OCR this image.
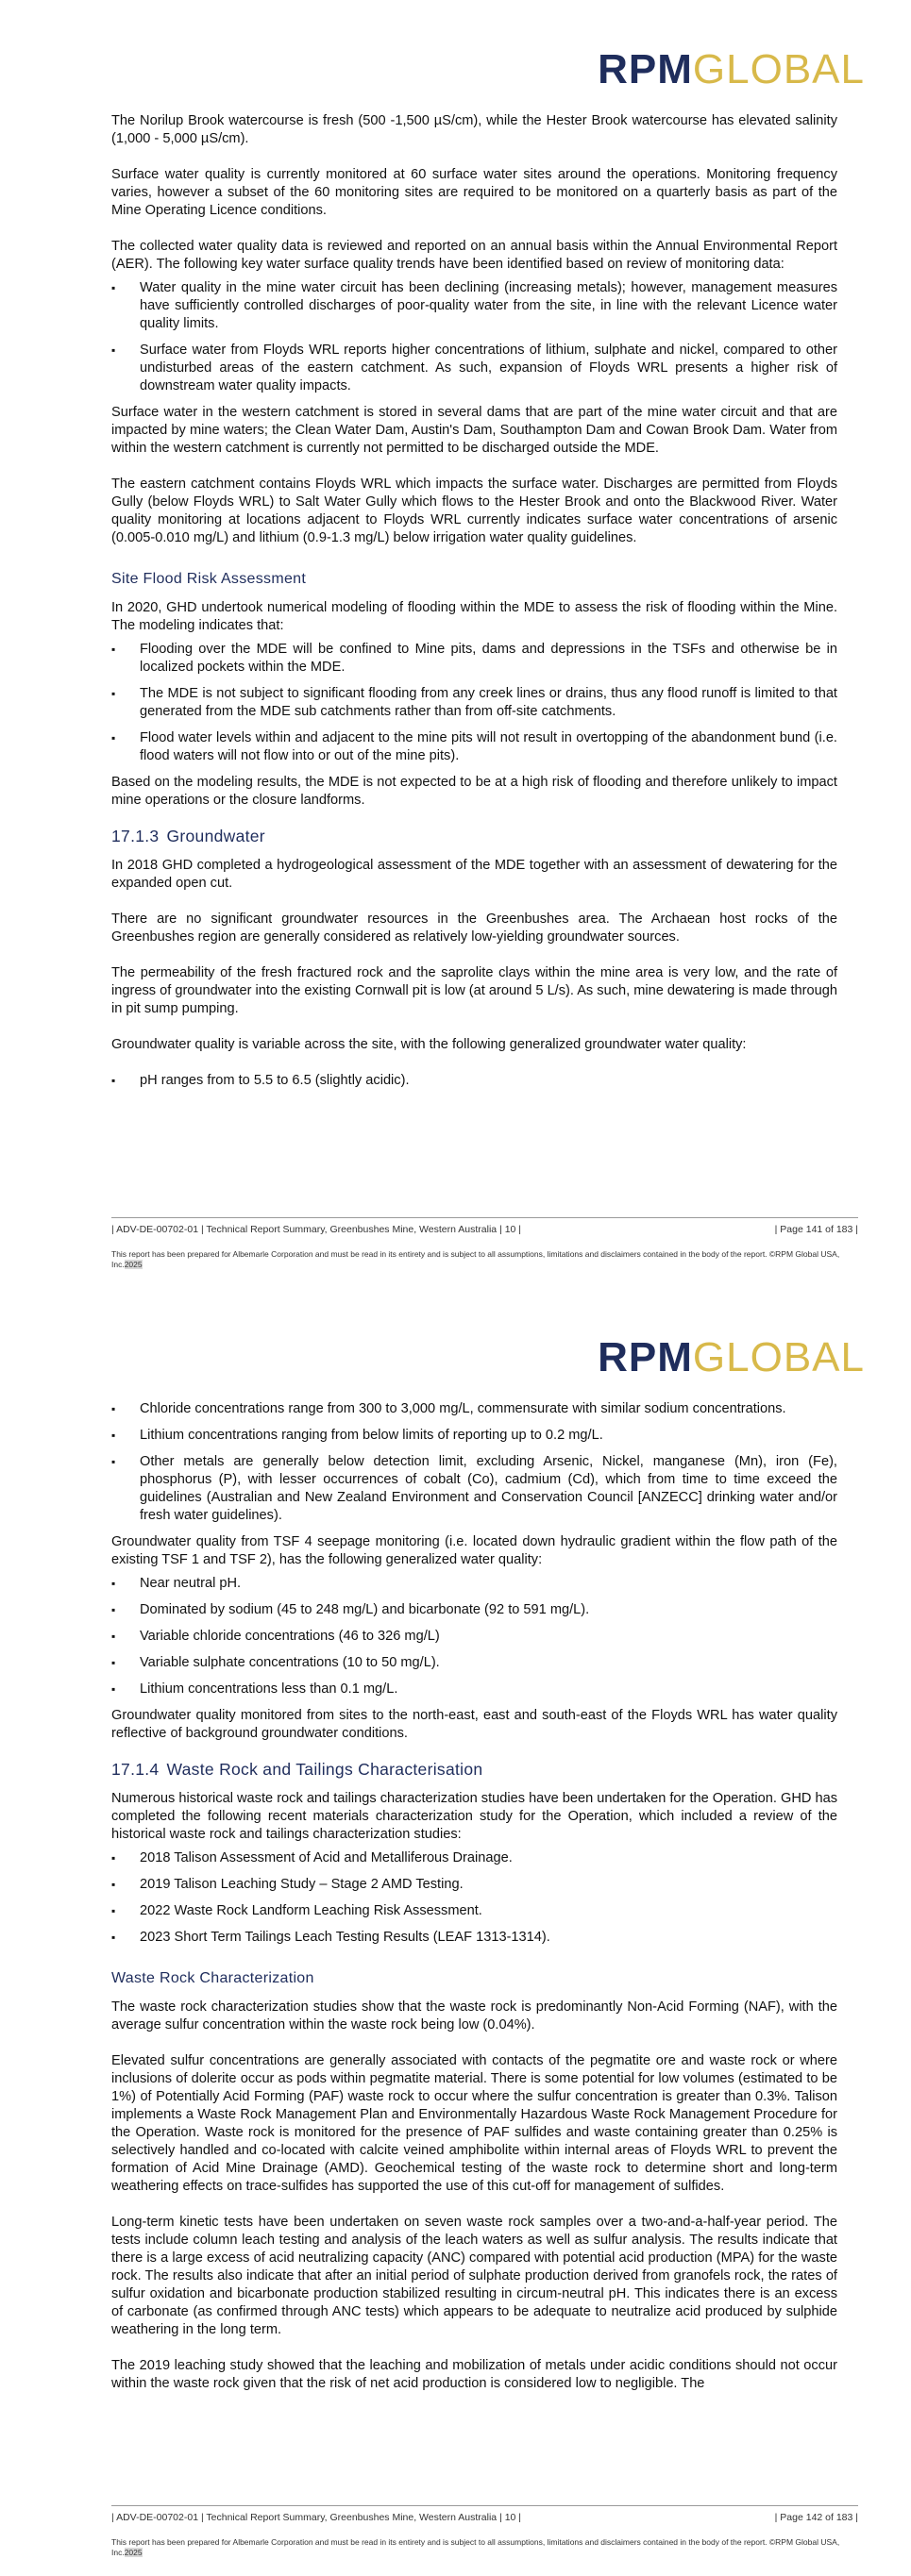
RPMGLOBAL

The Norilup Brook watercourse is fresh (500 -1,500 µS/cm), while the Hester Brook watercourse has elevated salinity (1,000 - 5,000 µS/cm).

Surface water quality is currently monitored at 60 surface water sites around the operations. Monitoring frequency varies, however a subset of the 60 monitoring sites are required to be monitored on a quarterly basis as part of the Mine Operating Licence conditions.

The collected water quality data is reviewed and reported on an annual basis within the Annual Environmental Report (AER). The following key water surface quality trends have been identified based on review of monitoring data:

▪ Water quality in the mine water circuit has been declining (increasing metals); however, management measures have sufficiently controlled discharges of poor-quality water from the site, in line with the relevant Licence water quality limits.
▪ Surface water from Floyds WRL reports higher concentrations of lithium, sulphate and nickel, compared to other undisturbed areas of the eastern catchment. As such, expansion of Floyds WRL presents a higher risk of downstream water quality impacts.

Surface water in the western catchment is stored in several dams that are part of the mine water circuit and that are impacted by mine waters; the Clean Water Dam, Austin's Dam, Southampton Dam and Cowan Brook Dam. Water from within the western catchment is currently not permitted to be discharged outside the MDE.

The eastern catchment contains Floyds WRL which impacts the surface water. Discharges are permitted from Floyds Gully (below Floyds WRL) to Salt Water Gully which flows to the Hester Brook and onto the Blackwood River. Water quality monitoring at locations adjacent to Floyds WRL currently indicates surface water concentrations of arsenic (0.005-0.010 mg/L) and lithium (0.9-1.3 mg/L) below irrigation water quality guidelines.

Site Flood Risk Assessment

In 2020, GHD undertook numerical modeling of flooding within the MDE to assess the risk of flooding within the Mine. The modeling indicates that:

▪ Flooding over the MDE will be confined to Mine pits, dams and depressions in the TSFs and otherwise be in localized pockets within the MDE.
▪ The MDE is not subject to significant flooding from any creek lines or drains, thus any flood runoff is limited to that generated from the MDE sub catchments rather than from off-site catchments.
▪ Flood water levels within and adjacent to the mine pits will not result in overtopping of the abandonment bund (i.e. flood waters will not flow into or out of the mine pits).

Based on the modeling results, the MDE is not expected to be at a high risk of flooding and therefore unlikely to impact mine operations or the closure landforms.

17.1.3 Groundwater

In 2018 GHD completed a hydrogeological assessment of the MDE together with an assessment of dewatering for the expanded open cut.

There are no significant groundwater resources in the Greenbushes area. The Archaean host rocks of the Greenbushes region are generally considered as relatively low-yielding groundwater sources.

The permeability of the fresh fractured rock and the saprolite clays within the mine area is very low, and the rate of ingress of groundwater into the existing Cornwall pit is low (at around 5 L/s). As such, mine dewatering is made through in pit sump pumping.

Groundwater quality is variable across the site, with the following generalized groundwater water quality:

▪ pH ranges from to 5.5 to 6.5 (slightly acidic).
| ADV-DE-00702-01 | Technical Report Summary, Greenbushes Mine, Western Australia | 10 |	| Page 141 of 183 |
This report has been prepared for Albemarle Corporation and must be read in its entirety and is subject to all assumptions, limitations and disclaimers contained in the body of the report. ©RPM Global USA, Inc.2025
RPMGLOBAL
▪ Chloride concentrations range from 300 to 3,000 mg/L, commensurate with similar sodium concentrations.
▪ Lithium concentrations ranging from below limits of reporting up to 0.2 mg/L.
▪ Other metals are generally below detection limit, excluding Arsenic, Nickel, manganese (Mn), iron (Fe), phosphorus (P), with lesser occurrences of cobalt (Co), cadmium (Cd), which from time to time exceed the guidelines (Australian and New Zealand Environment and Conservation Council [ANZECC] drinking water and/or fresh water guidelines).

Groundwater quality from TSF 4 seepage monitoring (i.e. located down hydraulic gradient within the flow path of the existing TSF 1 and TSF 2), has the following generalized water quality:

▪ Near neutral pH.
▪ Dominated by sodium (45 to 248 mg/L) and bicarbonate (92 to 591 mg/L).
▪ Variable chloride concentrations (46 to 326 mg/L)
▪ Variable sulphate concentrations (10 to 50 mg/L).
▪ Lithium concentrations less than 0.1 mg/L.

Groundwater quality monitored from sites to the north-east, east and south-east of the Floyds WRL has water quality reflective of background groundwater conditions.

17.1.4 Waste Rock and Tailings Characterisation

Numerous historical waste rock and tailings characterization studies have been undertaken for the Operation. GHD has completed the following recent materials characterization study for the Operation, which included a review of the historical waste rock and tailings characterization studies:

▪ 2018 Talison Assessment of Acid and Metalliferous Drainage.
▪ 2019 Talison Leaching Study – Stage 2 AMD Testing.
▪ 2022 Waste Rock Landform Leaching Risk Assessment.
▪ 2023 Short Term Tailings Leach Testing Results (LEAF 1313-1314).
Waste Rock Characterization

The waste rock characterization studies show that the waste rock is predominantly Non-Acid Forming (NAF), with the average sulfur concentration within the waste rock being low (0.04%).

Elevated sulfur concentrations are generally associated with contacts of the pegmatite ore and waste rock or where inclusions of dolerite occur as pods within pegmatite material. There is some potential for low volumes (estimated to be 1%) of Potentially Acid Forming (PAF) waste rock to occur where the sulfur concentration is greater than 0.3%. Talison implements a Waste Rock Management Plan and Environmentally Hazardous Waste Rock Management Procedure for the Operation. Waste rock is monitored for the presence of PAF sulfides and waste containing greater than 0.25% is selectively handled and co-located with calcite veined amphibolite within internal areas of Floyds WRL to prevent the formation of Acid Mine Drainage (AMD). Geochemical testing of the waste rock to determine short and long-term weathering effects on trace-sulfides has supported the use of this cut-off for management of sulfides.

Long-term kinetic tests have been undertaken on seven waste rock samples over a two-and-a-half-year period. The tests include column leach testing and analysis of the leach waters as well as sulfur analysis. The results indicate that there is a large excess of acid neutralizing capacity (ANC) compared with potential acid production (MPA) for the waste rock. The results also indicate that after an initial period of sulphate production derived from granofels rock, the rates of sulfur oxidation and bicarbonate production stabilized resulting in circum-neutral pH. This indicates there is an excess of carbonate (as confirmed through ANC tests) which appears to be adequate to neutralize acid produced by sulphide weathering in the long term.

The 2019 leaching study showed that the leaching and mobilization of metals under acidic conditions should not occur within the waste rock given that the risk of net acid production is considered low to negligible. The

| ADV-DE-00702-01 | Technical Report Summary, Greenbushes Mine, Western Australia | 10 |	| Page 142 of 183 |
This report has been prepared for Albemarle Corporation and must be read in its entirety and is subject to all assumptions, limitations and disclaimers contained in the body of the report. ©RPM Global USA, Inc.2025
